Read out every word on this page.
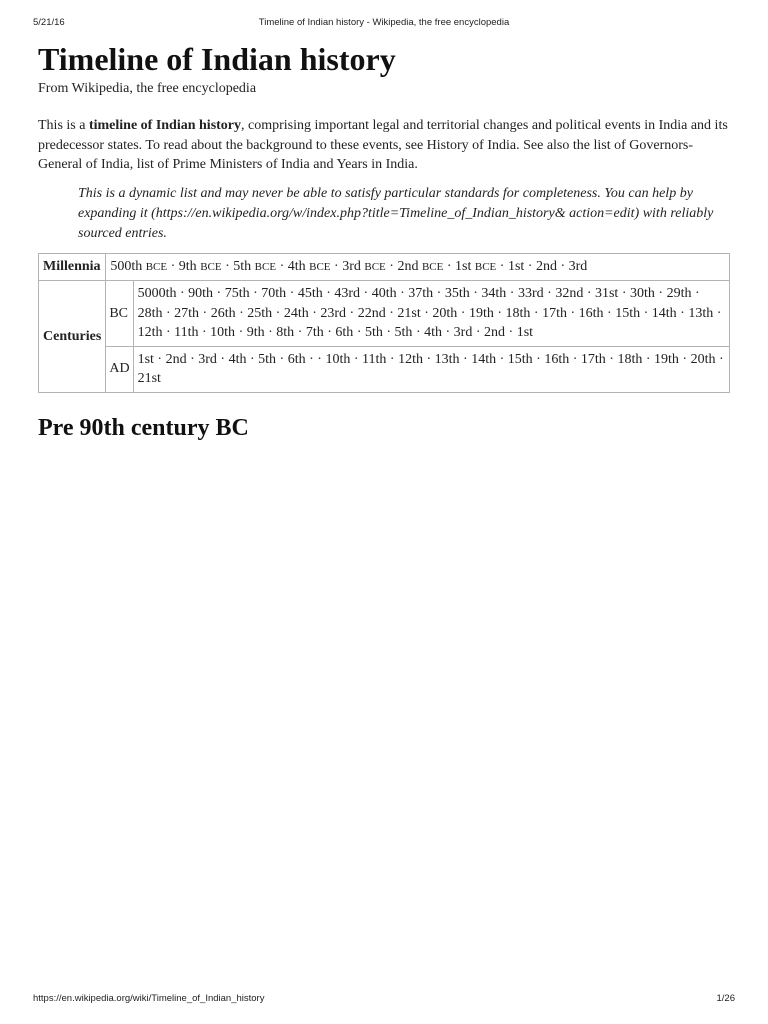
5/21/16	Timeline of Indian history - Wikipedia, the free encyclopedia
Timeline of Indian history
From Wikipedia, the free encyclopedia
This is a timeline of Indian history, comprising important legal and territorial changes and political events in India and its predecessor states. To read about the background to these events, see History of India. See also the list of Governors-General of India, list of Prime Ministers of India and Years in India.
This is a dynamic list and may never be able to satisfy particular standards for completeness. You can help by expanding it (https://en.wikipedia.org/w/index.php?title=Timeline_of_Indian_history& action=edit) with reliably sourced entries.
Millennia	500th BCE · 9th BCE · 5th BCE · 4th BCE · 3rd BCE · 2nd BCE · 1st BCE · 1st · 2nd · 3rd	
Centuries	BC	5000th · 90th · 75th · 70th · 45th · 43rd · 40th · 37th · 35th · 34th · 33rd · 32nd · 31st · 30th · 29th · 28th · 27th · 26th · 25th · 24th · 23rd · 22nd · 21st · 20th · 19th · 18th · 17th · 16th · 15th · 14th · 13th · 12th · 11th · 10th · 9th · 8th · 7th · 6th · 5th · 5th · 4th · 3rd · 2nd · 1st
	AD	1st · 2nd · 3rd · 4th · 5th · 6th · · 10th · 11th · 12th · 13th · 14th · 15th · 16th · 17th · 18th · 19th · 20th · 21st
Pre 90th century BC
https://en.wikipedia.org/wiki/Timeline_of_Indian_history	1/26
